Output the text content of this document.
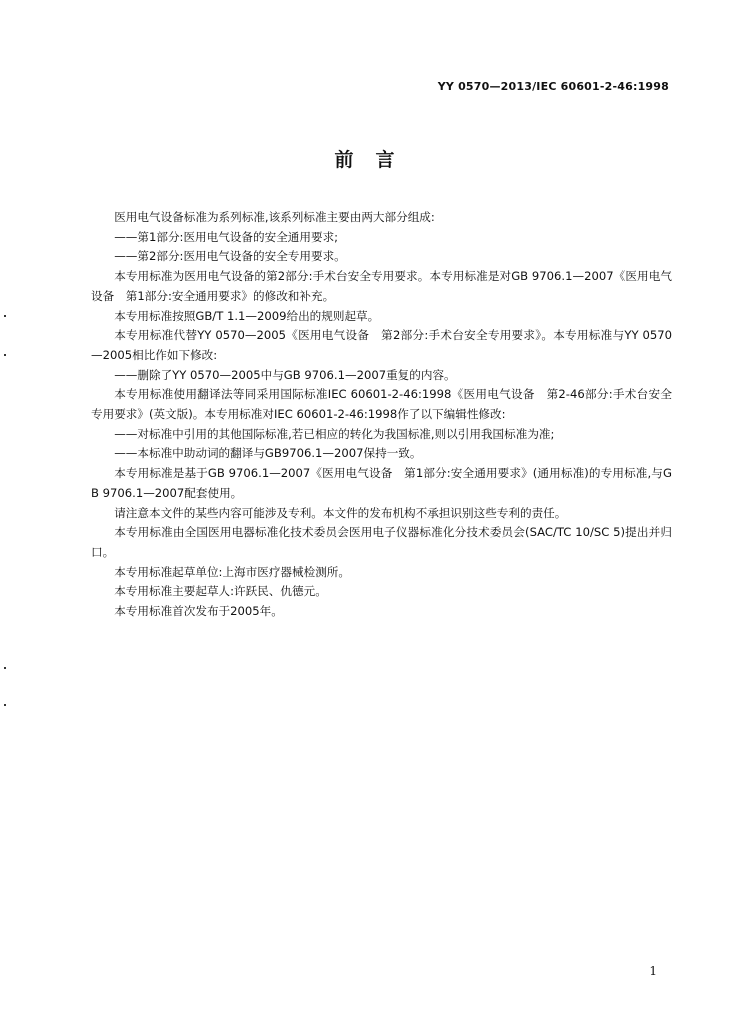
YY 0570—2013/IEC 60601-2-46:1998
前言

医用电气设备标准为系列标准,该系列标准主要由两大部分组成:

——第1部分:医用电气设备的安全通用要求;

——第2部分:医用电气设备的安全专用要求。

本专用标准为医用电气设备的第2部分:手术台安全专用要求。本专用标准是对GB 9706.1—2007《医用电气设备　第1部分:安全通用要求》的修改和补充。

本专用标准按照GB/T 1.1—2009给出的规则起草。

本专用标准代替YY 0570—2005《医用电气设备　第2部分:手术台安全专用要求》。本专用标准与YY 0570—2005相比作如下修改:

——删除了YY 0570—2005中与GB 9706.1—2007重复的内容。

本专用标准使用翻译法等同采用国际标准IEC 60601-2-46:1998《医用电气设备　第2-46部分:手术台安全专用要求》(英文版)。本专用标准对IEC 60601-2-46:1998作了以下编辑性修改:

——对标准中引用的其他国际标准,若已相应的转化为我国标准,则以引用我国标准为准;

——本标准中助动词的翻译与GB9706.1—2007保持一致。

本专用标准是基于GB 9706.1—2007《医用电气设备　第1部分:安全通用要求》(通用标准)的专用标准,与GB 9706.1—2007配套使用。

请注意本文件的某些内容可能涉及专利。本文件的发布机构不承担识别这些专利的责任。

本专用标准由全国医用电器标准化技术委员会医用电子仪器标准化分技术委员会(SAC/TC 10/SC 5)提出并归口。

本专用标准起草单位:上海市医疗器械检测所。

本专用标准主要起草人:许跃民、仇德元。

本专用标准首次发布于2005年。

1
